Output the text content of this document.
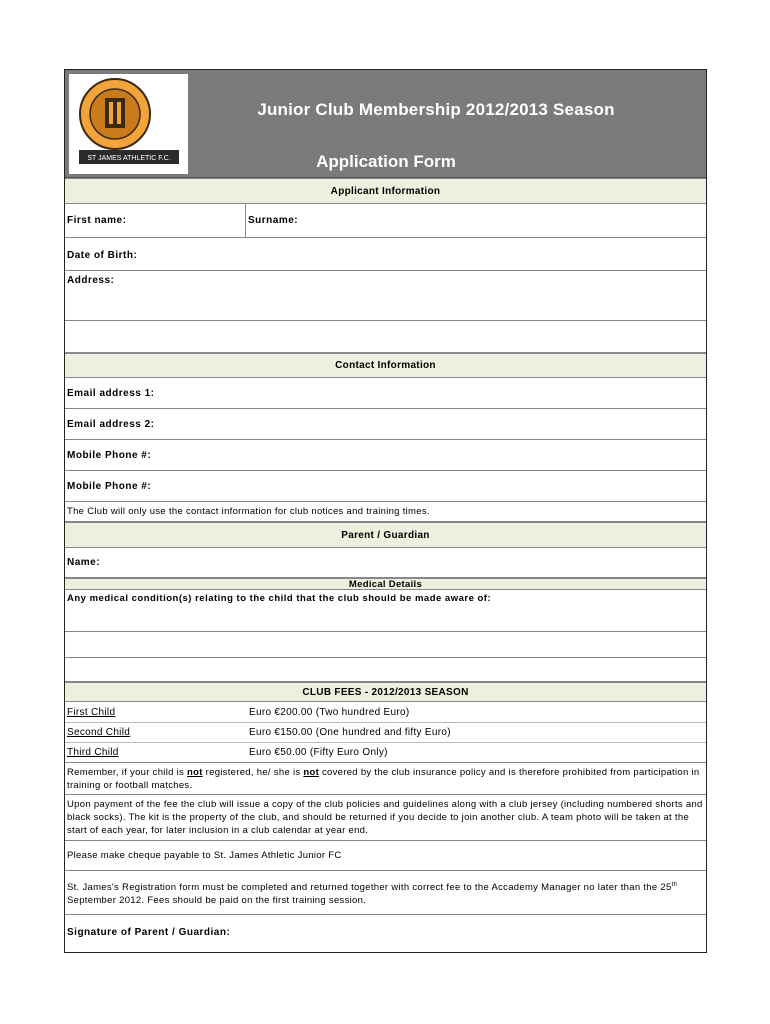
ST JAMES ATHLETIC F.C.
Junior Club Membership 2012/2013 Season
Application Form
Applicant Information
First name:	Surname:
Date of Birth:
Address:
Contact Information
Email address 1:
Email address 2:
Mobile Phone #:
Mobile Phone #:
The Club will only use the contact information for club notices and training times.
Parent / Guardian
Name:
Medical Details
Any medical condition(s) relating to the child that the club should be made aware of:
CLUB FEES - 2012/2013 SEASON
First Child	Euro €200.00 (Two hundred Euro)
Second Child	Euro €150.00 (One hundred and fifty Euro)
Third Child	Euro €50.00 (Fifty Euro Only)
Remember, if your child is not registered, he/ she is not covered by the club insurance policy and is therefore prohibited from participation in training or football matches.
Upon payment of the fee the club will issue a copy of the club policies and guidelines along with a club jersey (including numbered shorts and black socks). The kit is the property of the club, and should be returned if you decide to join another club. A team photo will be taken at the start of each year, for later inclusion in a club calendar at year end.
Please make cheque payable to St. James Athletic Junior FC
St. James's Registration form must be completed and returned together with correct fee to the Accademy Manager no later than the 25th September 2012. Fees should be paid on the first training session.
Signature of Parent / Guardian:
